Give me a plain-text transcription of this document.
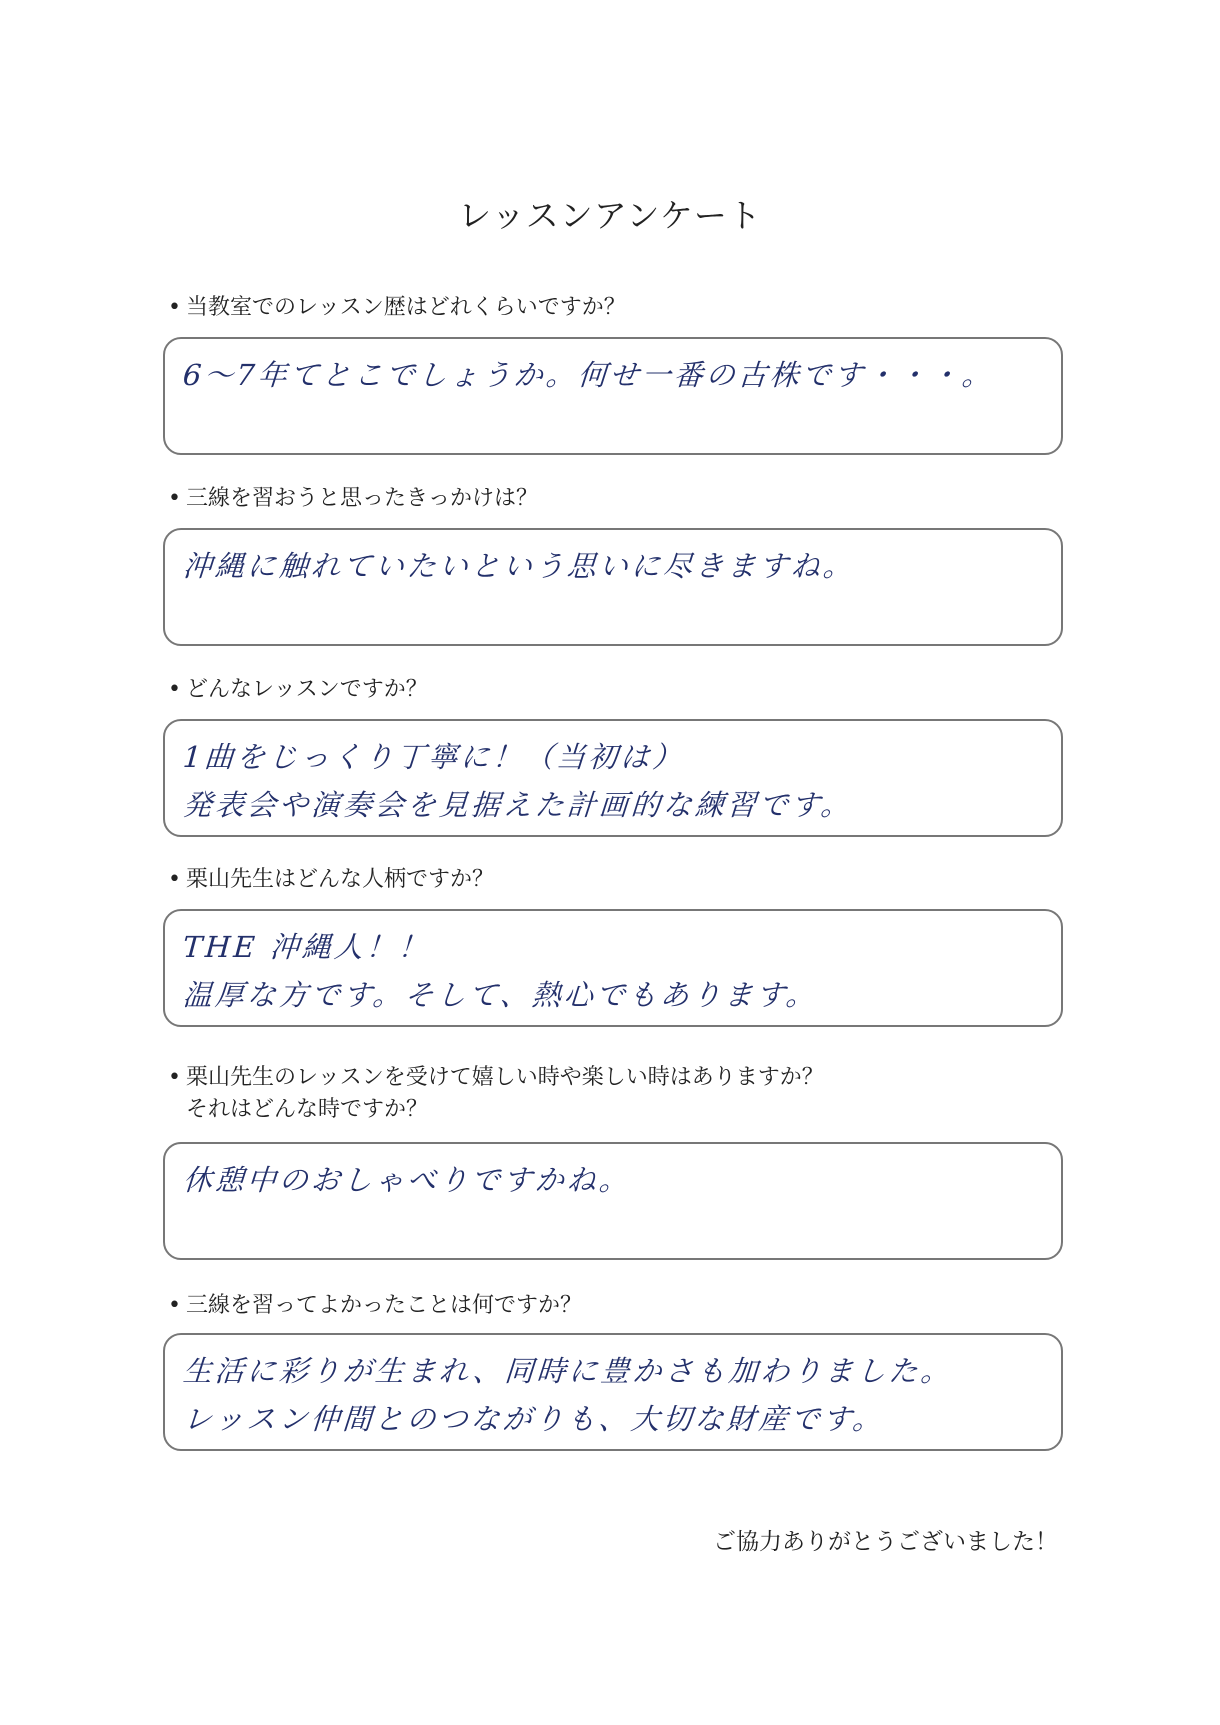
レッスンアンケート
• 当教室でのレッスン歴はどれくらいですか？
6～7年てとこでしょうか。何せ一番の古株です・・・。
• 三線を習おうと思ったきっかけは？
沖縄に触れていたいという思いに尽きますね。
• どんなレッスンですか？
1曲をじっくり丁寧に！（当初は）
発表会や演奏会を見据えた計画的な練習です。
• 栗山先生はどんな人柄ですか？
THE 沖縄人！！
温厚な方です。そして、熱心でもあります。
• 栗山先生のレッスンを受けて嬉しい時や楽しい時はありますか？
それはどんな時ですか？
休憩中のおしゃべりですかね。
• 三線を習ってよかったことは何ですか？
生活に彩りが生まれ、同時に豊かさも加わりました。
レッスン仲間とのつながりも、大切な財産です。
ご協力ありがとうございました！
